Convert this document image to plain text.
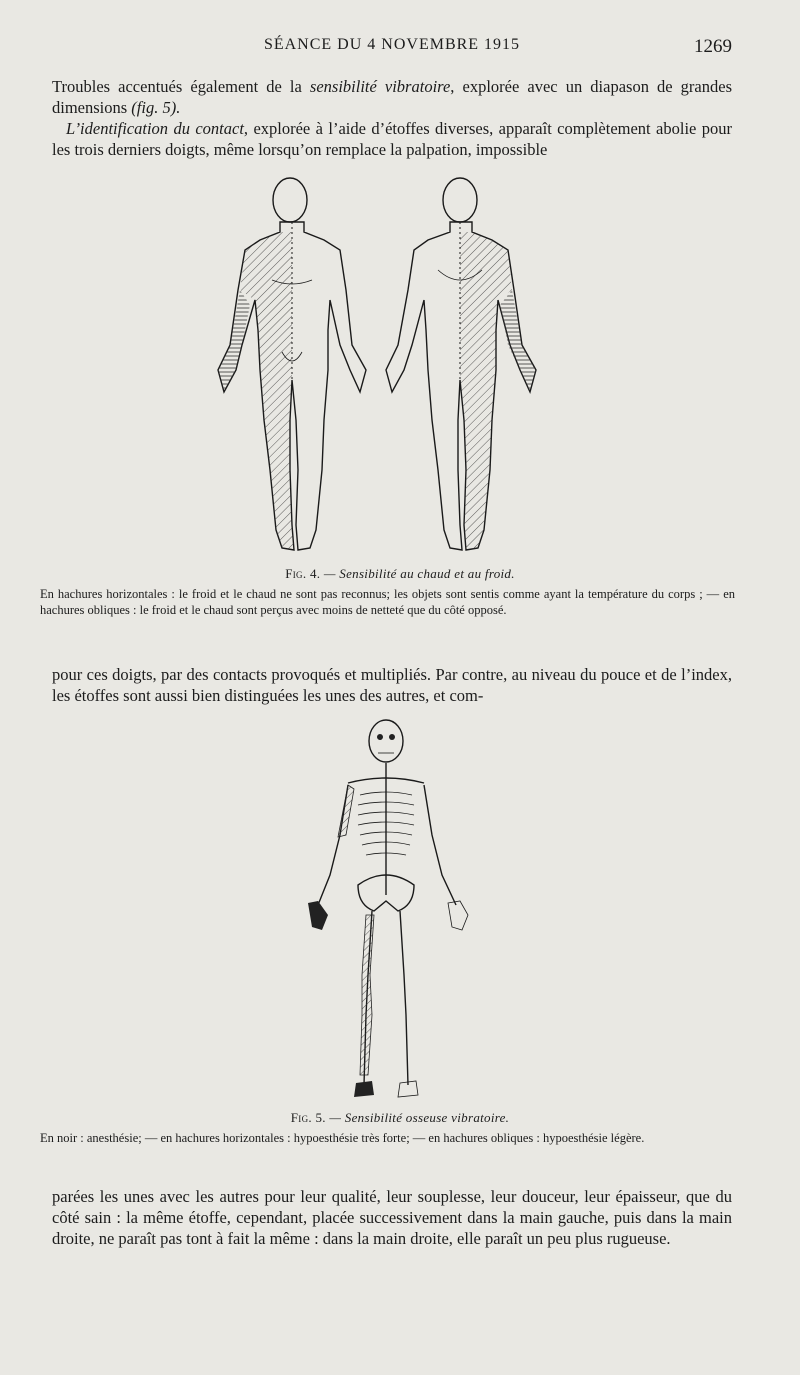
SÉANCE DU 4 NOVEMBRE 1915	1269

Troubles accentués également de la sensibilité vibratoire, explorée avec un diapason de grandes dimensions (fig. 5).

L’identification du contact, explorée à l’aide d’étoffes diverses, apparaît complètement abolie pour les trois derniers doigts, même lorsqu’on remplace la palpation, impossible

Fig. 4. — Sensibilité au chaud et au froid.
En hachures horizontales : le froid et le chaud ne sont pas reconnus; les objets sont sentis comme ayant la température du corps ; — en hachures obliques : le froid et le chaud sont perçus avec moins de netteté que du côté opposé.

pour ces doigts, par des contacts provoqués et multipliés. Par contre, au niveau du pouce et de l’index, les étoffes sont aussi bien distinguées les unes des autres, et com-

Fig. 5. — Sensibilité osseuse vibratoire.
En noir : anesthésie; — en hachures horizontales : hypoesthésie très forte; — en hachures obliques : hypoesthésie légère.

parées les unes avec les autres pour leur qualité, leur souplesse, leur douceur, leur épaisseur, que du côté sain : la même étoffe, cependant, placée successivement dans la main gauche, puis dans la main droite, ne paraît pas tont à fait la même : dans la main droite, elle paraît un peu plus rugueuse.
